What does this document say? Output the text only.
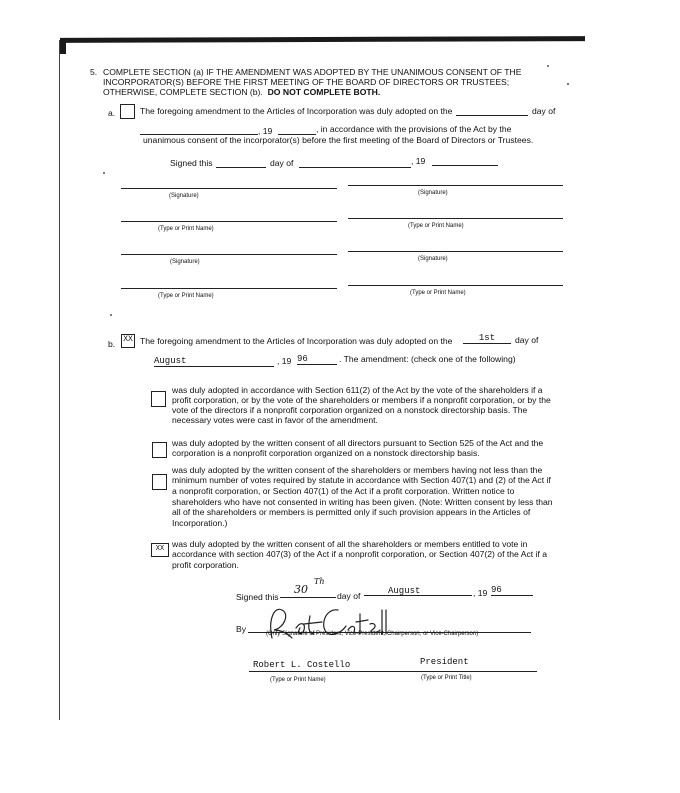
5. COMPLETE SECTION (a) IF THE AMENDMENT WAS ADOPTED BY THE UNANIMOUS CONSENT OF THE
INCORPORATOR(S) BEFORE THE FIRST MEETING OF THE BOARD OF DIRECTORS OR TRUSTEES;
OTHERWISE, COMPLETE SECTION (b). DO NOT COMPLETE BOTH.
a.	The foregoing amendment to the Articles of Incorporation was duly adopted on the	day of
, 19	, in accordance with the provisions of the Act by the
unanimous consent of the incorporator(s) before the first meeting of the Board of Directors or Trustees.
Signed this	day of	, 19
(Signature)	(Signature)
(Type or Print Name)	(Type or Print Name)
(Signature)	(Signature)
(Type or Print Name)	(Type or Print Name)
b. XX The foregoing amendment to the Articles of Incorporation was duly adopted on the	1st	day of
August	, 19 96	. The amendment: (check one of the following)
was duly adopted in accordance with Section 611(2) of the Act by the vote of the shareholders if a
profit corporation, or by the vote of the shareholders or members if a nonprofit corporation, or by the
vote of the directors if a nonprofit corporation organized on a nonstock directorship basis. The
necessary votes were cast in favor of the amendment.
was duly adopted by the written consent of all directors pursuant to Section 525 of the Act and the
corporation is a nonprofit corporation organized on a nonstock directorship basis.
was duly adopted by the written consent of the shareholders or members having not less than the
minimum number of votes required by statute in accordance with Section 407(1) and (2) of the Act if
a nonprofit corporation, or Section 407(1) of the Act if a profit corporation. Written notice to
shareholders who have not consented in writing has been given. (Note: Written consent by less than
all of the shareholders or members is permitted only if such provision appears in the Articles of
Incorporation.)
XX was duly adopted by the written consent of all the shareholders or members entitled to vote in
accordance with section 407(3) of the Act if a nonprofit corporation, or Section 407(2) of the Act if a
profit corporation.
Signed this
30
Th
day of	August	, 19 96
By	(Only Signature of President, Vice-President, Chairperson, or Vice-Chairperson)
Robert L. Costello	President
(Type or Print Name)	(Type or Print Title)
